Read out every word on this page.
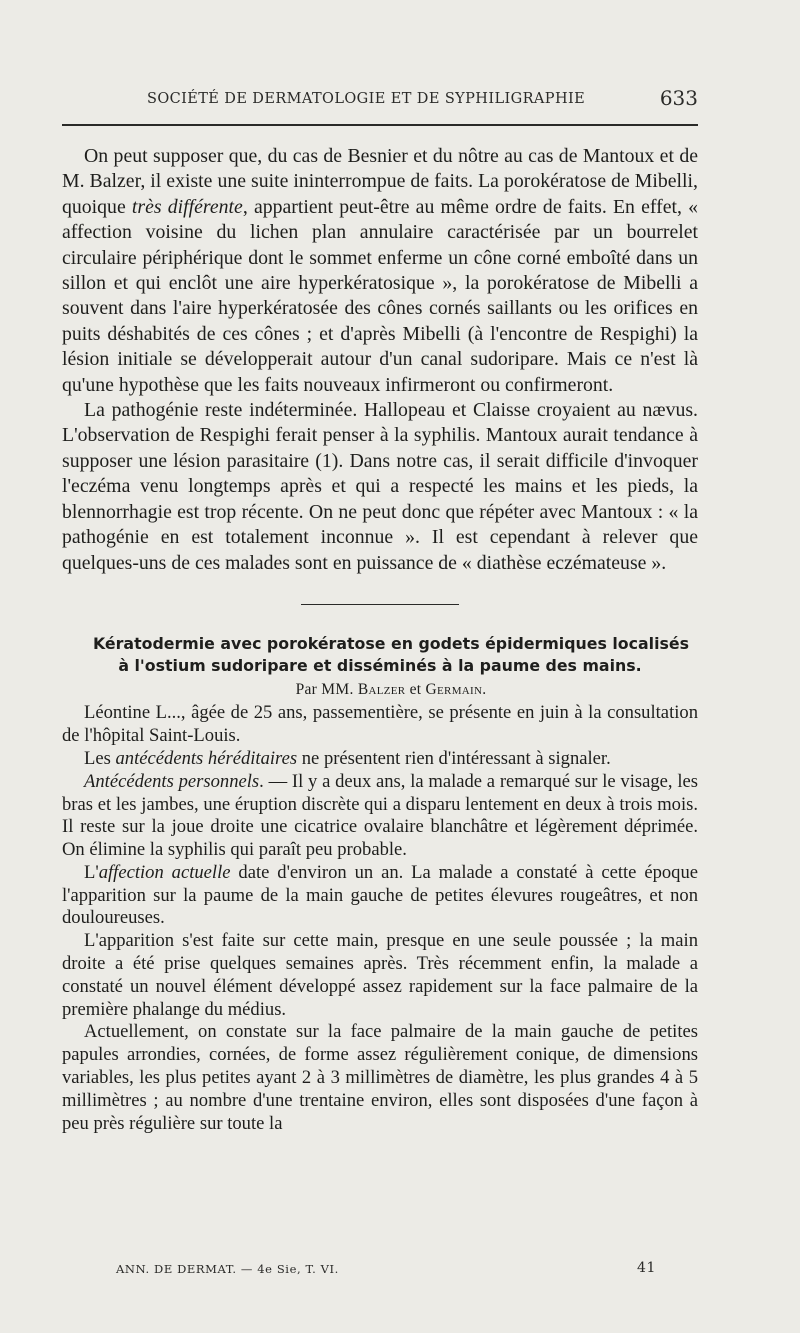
SOCIÉTÉ DE DERMATOLOGIE ET DE SYPHILIGRAPHIE	633

On peut supposer que, du cas de Besnier et du nôtre au cas de Mantoux et de M. Balzer, il existe une suite ininterrompue de faits. La porokératose de Mibelli, quoique très différente, appartient peut-être au même ordre de faits. En effet, « affection voisine du lichen plan annulaire caractérisée par un bourrelet circulaire périphérique dont le sommet enferme un cône corné emboîté dans un sillon et qui enclôt une aire hyperkératosique », la porokératose de Mibelli a souvent dans l'aire hyperkératosée des cônes cornés saillants ou les orifices en puits déshabités de ces cônes ; et d'après Mibelli (à l'encontre de Respighi) la lésion initiale se développerait autour d'un canal sudoripare. Mais ce n'est là qu'une hypothèse que les faits nouveaux infirmeront ou confirmeront.

La pathogénie reste indéterminée. Hallopeau et Claisse croyaient au nævus. L'observation de Respighi ferait penser à la syphilis. Mantoux aurait tendance à supposer une lésion parasitaire (1). Dans notre cas, il serait difficile d'invoquer l'eczéma venu longtemps après et qui a respecté les mains et les pieds, la blennorrhagie est trop récente. On ne peut donc que répéter avec Mantoux : « la pathogénie en est totalement inconnue ». Il est cependant à relever que quelques-uns de ces malades sont en puissance de « diathèse eczémateuse ».

Kératodermie avec porokératose en godets épidermiques localisés
à l'ostium sudoripare et disséminés à la paume des mains.

Par MM. Balzer et Germain.

Léontine L..., âgée de 25 ans, passementière, se présente en juin à la consultation de l'hôpital Saint-Louis.

Les antécédents héréditaires ne présentent rien d'intéressant à signaler.

Antécédents personnels. — Il y a deux ans, la malade a remarqué sur le visage, les bras et les jambes, une éruption discrète qui a disparu lentement en deux à trois mois. Il reste sur la joue droite une cicatrice ovalaire blanchâtre et légèrement déprimée. On élimine la syphilis qui paraît peu probable.

L'affection actuelle date d'environ un an. La malade a constaté à cette époque l'apparition sur la paume de la main gauche de petites élevures rougeâtres, et non douloureuses.

L'apparition s'est faite sur cette main, presque en une seule poussée ; la main droite a été prise quelques semaines après. Très récemment enfin, la malade a constaté un nouvel élément développé assez rapidement sur la face palmaire de la première phalange du médius.

Actuellement, on constate sur la face palmaire de la main gauche de petites papules arrondies, cornées, de forme assez régulièrement conique, de dimensions variables, les plus petites ayant 2 à 3 millimètres de diamètre, les plus grandes 4 à 5 millimètres ; au nombre d'une trentaine environ, elles sont disposées d'une façon à peu près régulière sur toute la

ANN. DE DERMAT. — 4e Sie, T. VI.	41
